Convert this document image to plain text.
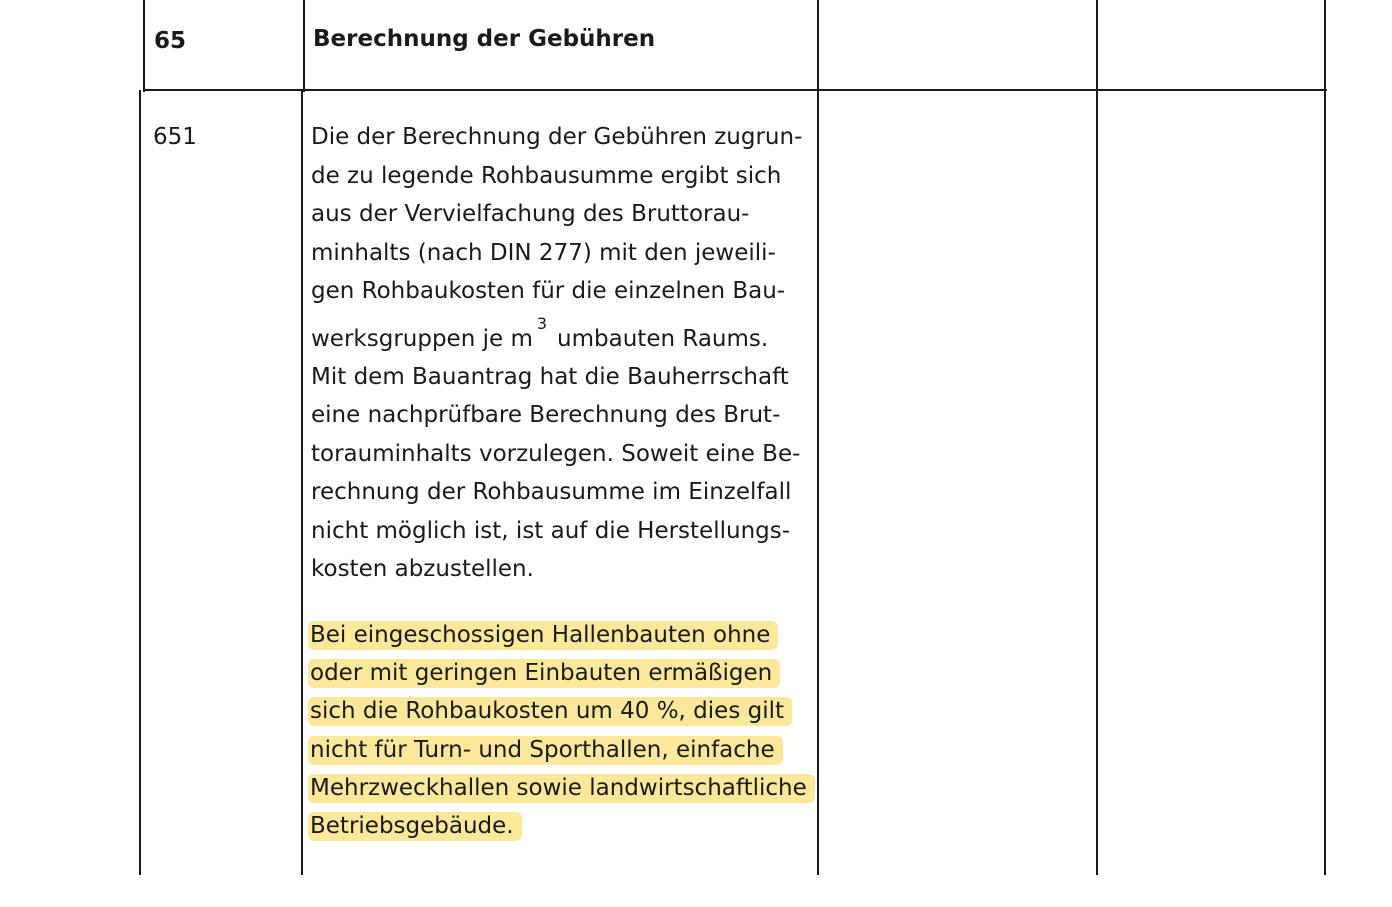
65	Berechnung der Gebühren
651	Die der Berechnung der Gebühren zugrun-
de zu legende Rohbausumme ergibt sich
aus der Vervielfachung des Bruttorau-
minhalts (nach DIN 277) mit den jeweili-
gen Rohbaukosten für die einzelnen Bau-
werksgruppen je $m^3umbauten$ Raums.
Mit dem Bauantrag hat die Bauherrschaft
eine nachprüfbare Berechnung des Brut-
torauminhalts vorzulegen. Soweit eine Be-
rechnung der Rohbausumme im Einzelfall
nicht möglich ist, ist auf die Herstellungs-
kosten abzustellen.
Bei eingeschossigen Hallenbauten ohne
oder mit geringen Einbauten ermäßigen
sich die Rohbaukosten um 40 %, dies gilt
nicht für Turn- und Sporthallen, einfache
Mehrzweckhallen sowie landwirtschaftliche
Betriebsgebäude.
